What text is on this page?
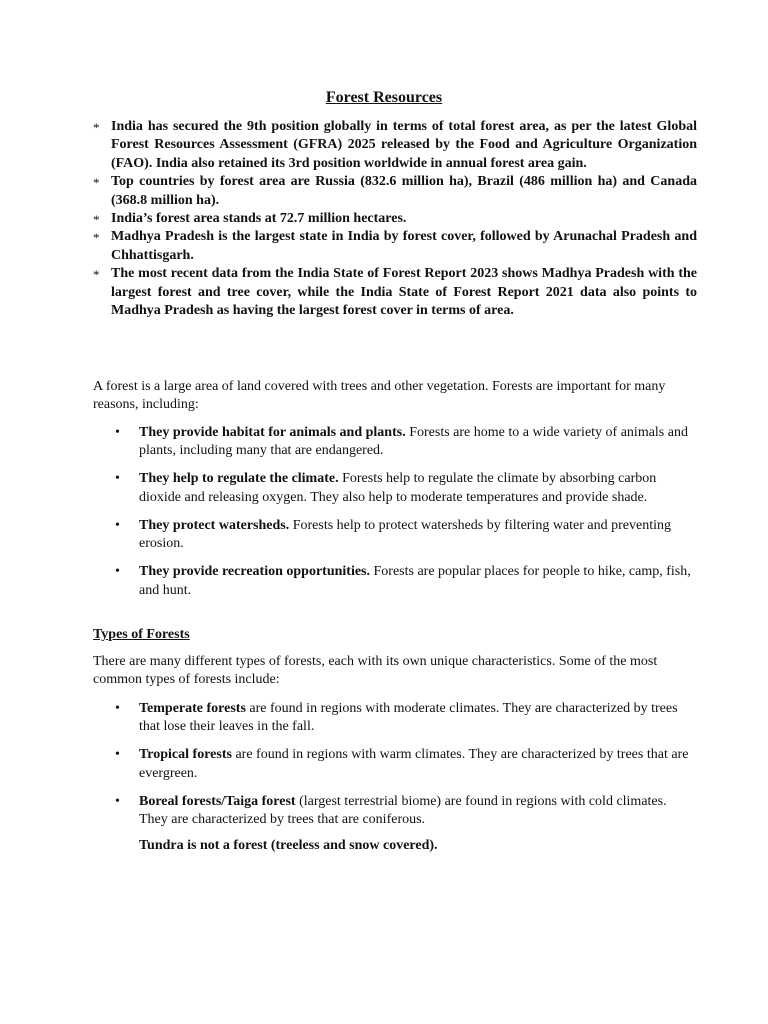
Forest Resources
* India has secured the 9th position globally in terms of total forest area, as per the latest Global Forest Resources Assessment (GFRA) 2025 released by the Food and Agriculture Organization (FAO). India also retained its 3rd position worldwide in annual forest area gain.
* Top countries by forest area are Russia (832.6 million ha), Brazil (486 million ha) and Canada (368.8 million ha).
* India’s forest area stands at 72.7 million hectares.
* Madhya Pradesh is the largest state in India by forest cover, followed by Arunachal Pradesh and Chhattisgarh.
* The most recent data from the India State of Forest Report 2023 shows Madhya Pradesh with the largest forest and tree cover, while the India State of Forest Report 2021 data also points to Madhya Pradesh as having the largest forest cover in terms of area.
A forest is a large area of land covered with trees and other vegetation. Forests are important for many reasons, including:
• They provide habitat for animals and plants. Forests are home to a wide variety of animals and plants, including many that are endangered.
• They help to regulate the climate. Forests help to regulate the climate by absorbing carbon dioxide and releasing oxygen. They also help to moderate temperatures and provide shade.
• They protect watersheds. Forests help to protect watersheds by filtering water and preventing erosion.
• They provide recreation opportunities. Forests are popular places for people to hike, camp, fish, and hunt.
Types of Forests
There are many different types of forests, each with its own unique characteristics. Some of the most common types of forests include:
• Temperate forests are found in regions with moderate climates. They are characterized by trees that lose their leaves in the fall.
• Tropical forests are found in regions with warm climates. They are characterized by trees that are evergreen.
• Boreal forests/Taiga forest (largest terrestrial biome) are found in regions with cold climates. They are characterized by trees that are coniferous.
Tundra is not a forest (treeless and snow covered).
